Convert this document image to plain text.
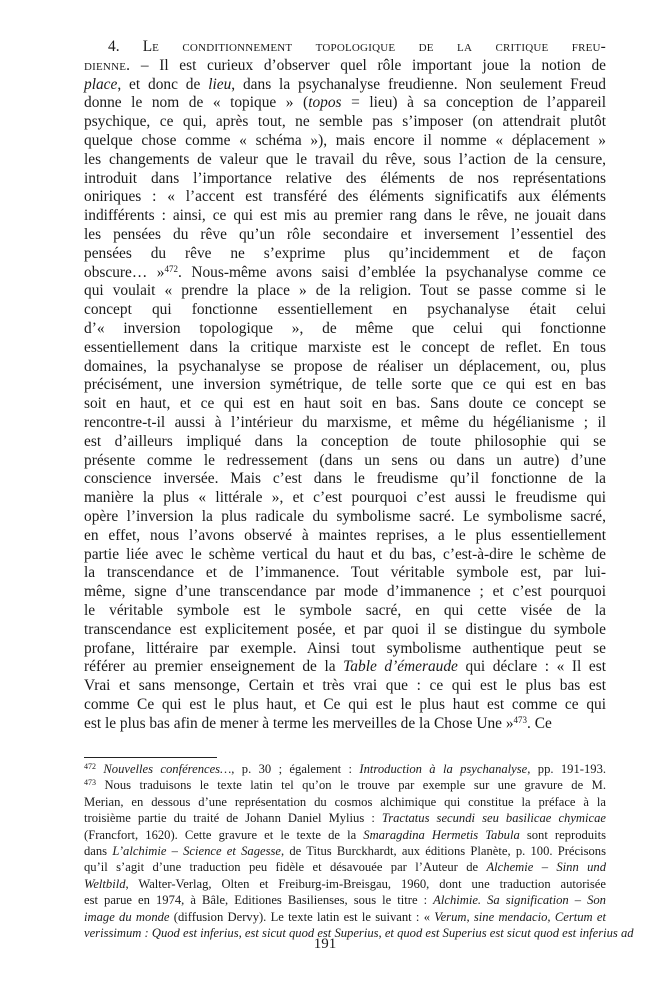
4. Le conditionnement topologique de la critique freu-
dienne. – Il est curieux d’observer quel rôle important joue la notion de
place, et donc de lieu, dans la psychanalyse freudienne. Non seulement Freud
donne le nom de « topique » (topos = lieu) à sa conception de l’appareil
psychique, ce qui, après tout, ne semble pas s’imposer (on attendrait plutôt
quelque chose comme « schéma »), mais encore il nomme « déplacement »
les changements de valeur que le travail du rêve, sous l’action de la censure,
introduit dans l’importance relative des éléments de nos représentations
oniriques : « l’accent est transféré des éléments significatifs aux éléments
indifférents : ainsi, ce qui est mis au premier rang dans le rêve, ne jouait dans
les pensées du rêve qu’un rôle secondaire et inversement l’essentiel des
pensées du rêve ne s’exprime plus qu’incidemment et de façon
obscure… »$^{472}$. Nous-même avons saisi d’emblée la psychanalyse comme ce
qui voulait « prendre la place » de la religion. Tout se passe comme si le
concept qui fonctionne essentiellement en psychanalyse était celui
d’« inversion topologique », de même que celui qui fonctionne
essentiellement dans la critique marxiste est le concept de reflet. En tous
domaines, la psychanalyse se propose de réaliser un déplacement, ou, plus
précisément, une inversion symétrique, de telle sorte que ce qui est en bas
soit en haut, et ce qui est en haut soit en bas. Sans doute ce concept se
rencontre-t-il aussi à l’intérieur du marxisme, et même du hégélianisme ; il
est d’ailleurs impliqué dans la conception de toute philosophie qui se
présente comme le redressement (dans un sens ou dans un autre) d’une
conscience inversée. Mais c’est dans le freudisme qu’il fonctionne de la
manière la plus « littérale », et c’est pourquoi c’est aussi le freudisme qui
opère l’inversion la plus radicale du symbolisme sacré. Le symbolisme sacré,
en effet, nous l’avons observé à maintes reprises, a le plus essentiellement
partie liée avec le schème vertical du haut et du bas, c’est-à-dire le schème de
la transcendance et de l’immanence. Tout véritable symbole est, par lui-
même, signe d’une transcendance par mode d’immanence ; et c’est pourquoi
le véritable symbole est le symbole sacré, en qui cette visée de la
transcendance est explicitement posée, et par quoi il se distingue du symbole
profane, littéraire par exemple. Ainsi tout symbolisme authentique peut se
référer au premier enseignement de la Table d’émeraude qui déclare : « Il est
Vrai et sans mensonge, Certain et très vrai que : ce qui est le plus bas est
comme Ce qui est le plus haut, et Ce qui est le plus haut est comme ce qui
est le plus bas afin de mener à terme les merveilles de la Chose Une »$^{473}$. Ce
$^{472}$ Nouvelles conférences…, p. 30 ; également : Introduction à la psychanalyse, pp. 191-193.
$^{473}$ Nous traduisons le texte latin tel qu’on le trouve par exemple sur une gravure de M.
Merian, en dessous d’une représentation du cosmos alchimique qui constitue la préface à la
troisième partie du traité de Johann Daniel Mylius : Tractatus secundi seu basilicae chymicae
(Francfort, 1620). Cette gravure et le texte de la Smaragdina Hermetis Tabula sont reproduits
dans L’alchimie – Science et Sagesse, de Titus Burckhardt, aux éditions Planète, p. 100. Précisons
qu’il s’agit d’une traduction peu fidèle et désavouée par l’Auteur de Alchemie – Sinn und
Weltbild, Walter-Verlag, Olten et Freiburg-im-Breisgau, 1960, dont une traduction autorisée
est parue en 1974, à Bâle, Editiones Basilienses, sous le titre : Alchimie. Sa signification – Son
image du monde (diffusion Dervy). Le texte latin est le suivant : « Verum, sine mendacio, Certum et
verissimum : Quod est inferius, est sicut quod est Superius, et quod est Superius est sicut quod est inferius ad
191
